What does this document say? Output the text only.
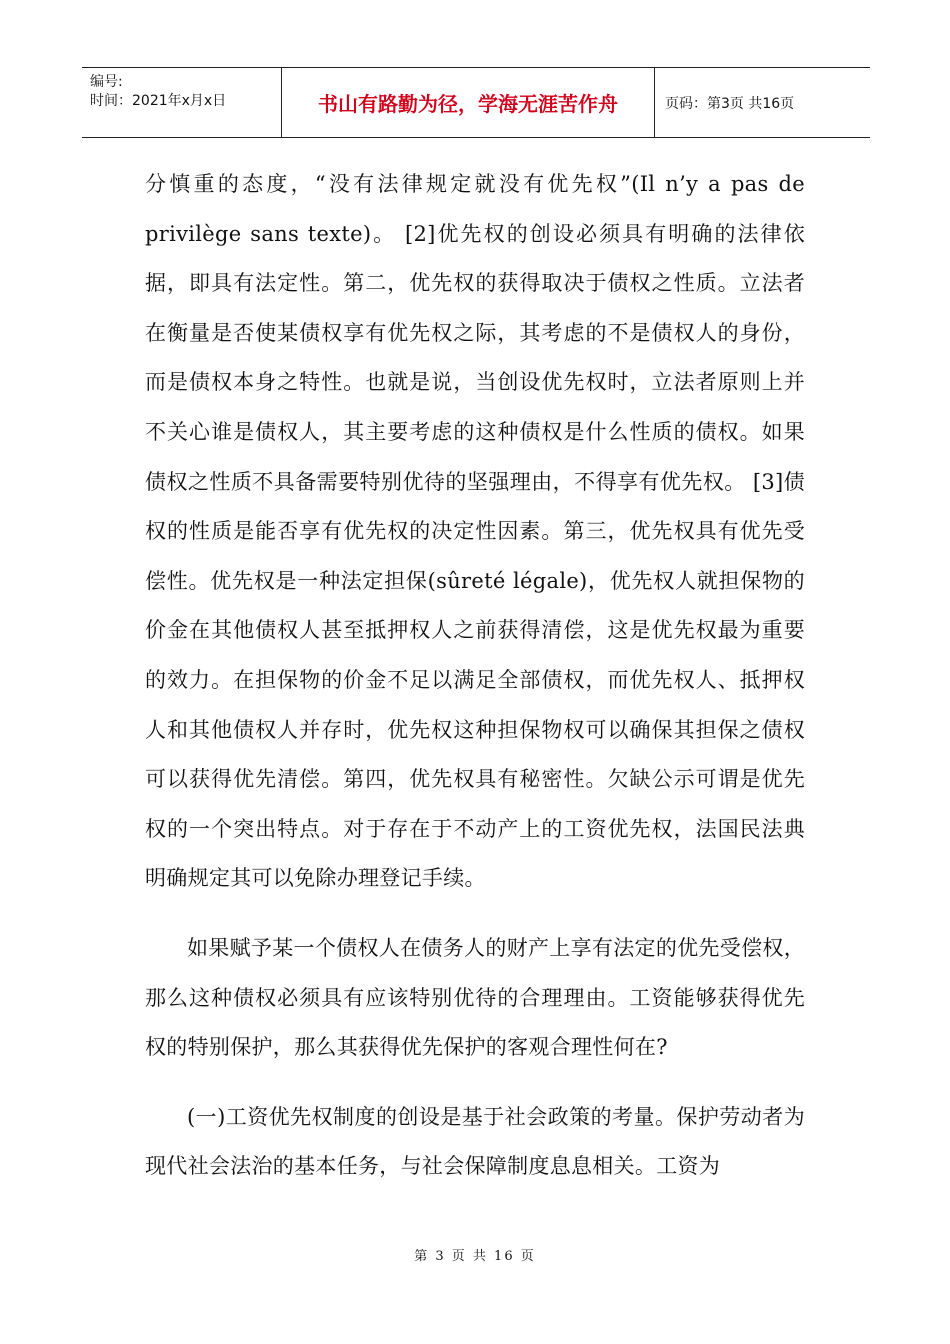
编号:
时间：2021年x月x日	书山有路勤为径，学海无涯苦作舟	页码：第3页 共16页

分慎重的态度，“没有法律规定就没有优先权”(Il n’y a pas de privilège sans texte)。 [2]优先权的创设必须具有明确的法律依据，即具有法定性。第二，优先权的获得取决于债权之性质。立法者在衡量是否使某债权享有优先权之际，其考虑的不是债权人的身份，而是债权本身之特性。也就是说，当创设优先权时，立法者原则上并不关心谁是债权人，其主要考虑的这种债权是什么性质的债权。如果债权之性质不具备需要特别优待的坚强理由，不得享有优先权。 [3]债权的性质是能否享有优先权的决定性因素。第三，优先权具有优先受偿性。优先权是一种法定担保(sûreté légale)，优先权人就担保物的价金在其他债权人甚至抵押权人之前获得清偿，这是优先权最为重要的效力。在担保物的价金不足以满足全部债权，而优先权人、抵押权人和其他债权人并存时，优先权这种担保物权可以确保其担保之债权可以获得优先清偿。第四，优先权具有秘密性。欠缺公示可谓是优先权的一个突出特点。对于存在于不动产上的工资优先权，法国民法典明确规定其可以免除办理登记手续。

如果赋予某一个债权人在债务人的财产上享有法定的优先受偿权，那么这种债权必须具有应该特别优待的合理理由。工资能够获得优先权的特别保护，那么其获得优先保护的客观合理性何在?

(一)工资优先权制度的创设是基于社会政策的考量。保护劳动者为现代社会法治的基本任务，与社会保障制度息息相关。工资为

第 3 页 共 16 页
